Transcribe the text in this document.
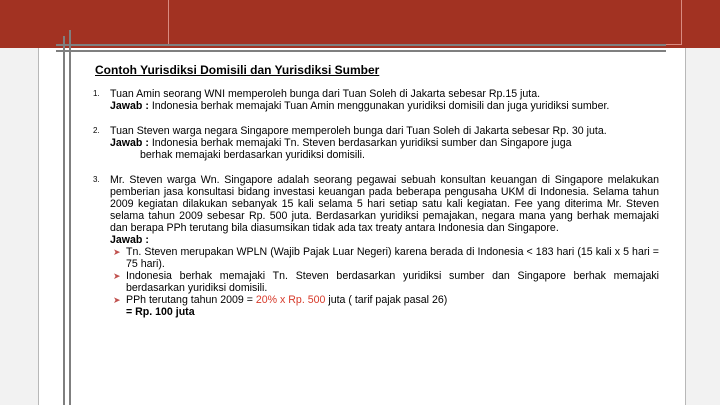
Contoh Yurisdiksi Domisili dan Yurisdiksi Sumber
1. Tuan Amin seorang WNI memperoleh bunga dari Tuan Soleh di Jakarta sebesar Rp.15 juta.
Jawab : Indonesia berhak memajaki Tuan Amin menggunakan yuridiksi domisili dan juga yuridiksi sumber.
2. Tuan Steven warga negara Singapore memperoleh bunga dari Tuan Soleh di Jakarta sebesar Rp. 30 juta.
Jawab : Indonesia berhak memajaki Tn. Steven berdasarkan yuridiksi sumber dan Singapore juga
berhak memajaki berdasarkan yuridiksi domisili.
3. Mr. Steven warga Wn. Singapore adalah seorang pegawai sebuah konsultan keuangan di Singapore melakukan pemberian jasa konsultasi bidang investasi keuangan pada beberapa pengusaha UKM di Indonesia. Selama tahun 2009 kegiatan dilakukan sebanyak 15 kali selama 5 hari setiap satu kali kegiatan. Fee yang diterima Mr. Steven selama tahun 2009 sebesar Rp. 500 juta. Berdasarkan yuridiksi pemajakan, negara mana yang berhak memajaki dan berapa PPh terutang bila diasumsikan tidak ada tax treaty antara Indonesia dan Singapore.
Jawab :
➤ Tn. Steven merupakan WPLN (Wajib Pajak Luar Negeri) karena berada di Indonesia < 183 hari (15 kali x 5 hari = 75 hari).
➤ Indonesia berhak memajaki Tn. Steven berdasarkan yuridiksi sumber dan Singapore berhak memajaki berdasarkan yuridiksi domisili.
➤ PPh terutang tahun 2009 = 20% x Rp. 500 juta ( tarif pajak pasal 26)
= Rp. 100 juta
